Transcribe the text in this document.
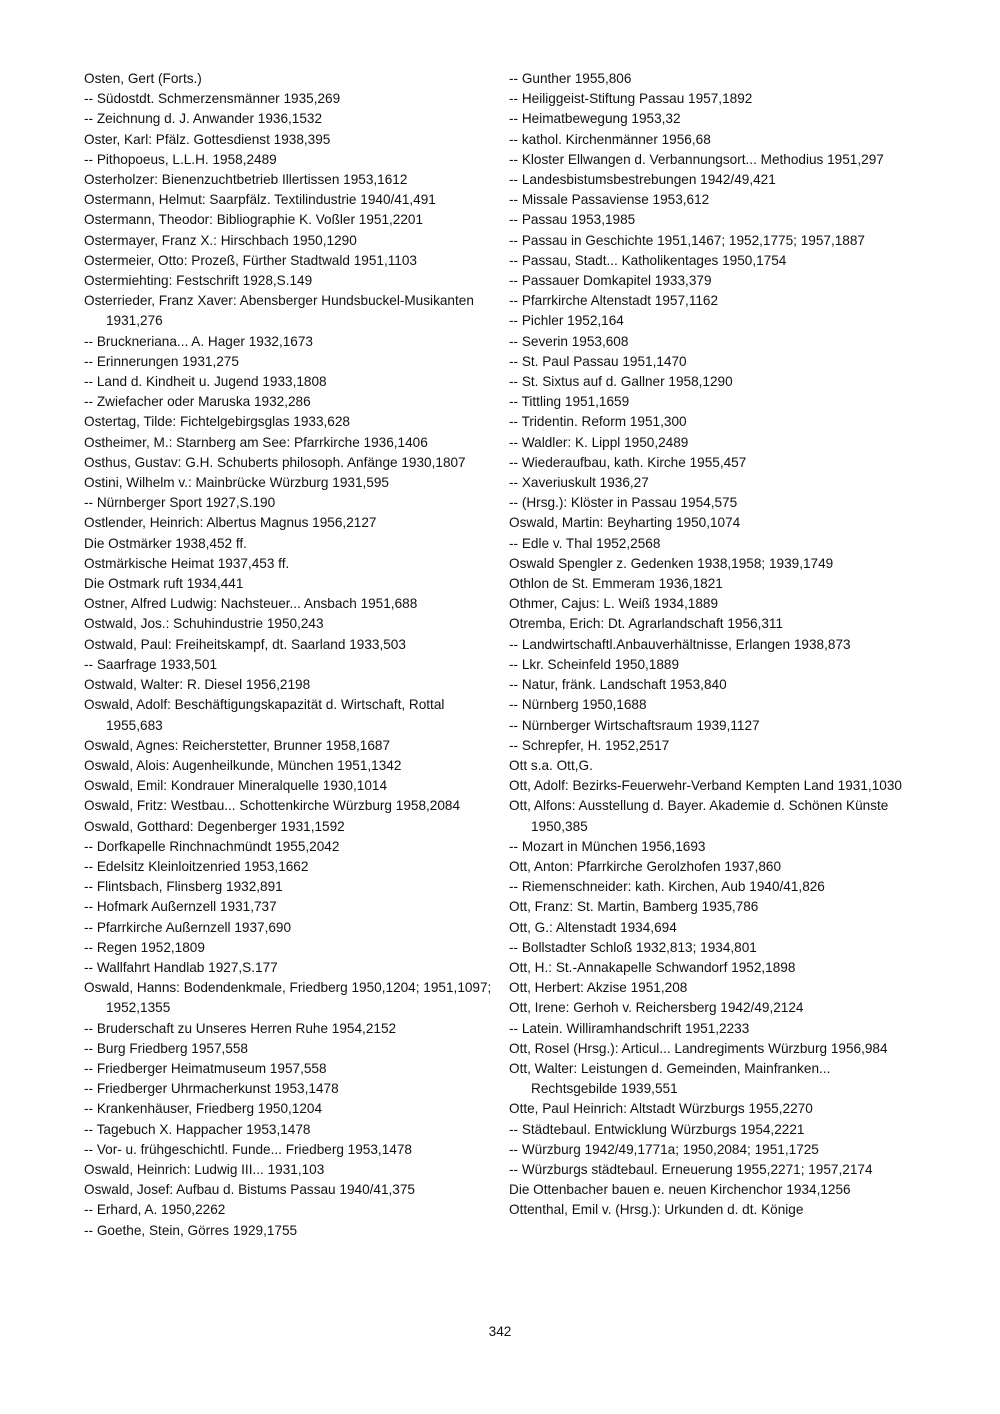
Osten, Gert (Forts.)
-- Südostdt. Schmerzensmänner 1935,269
-- Zeichnung d. J. Anwander 1936,1532
Oster, Karl: Pfälz. Gottesdienst 1938,395
-- Pithopoeus, L.L.H. 1958,2489
Osterholzer: Bienenzuchtbetrieb Illertissen 1953,1612
Ostermann, Helmut: Saarpfälz. Textilindustrie 1940/41,491
Ostermann, Theodor: Bibliographie K. Voßler 1951,2201
Ostermayer, Franz X.: Hirschbach 1950,1290
Ostermeier, Otto: Prozeß, Fürther Stadtwald 1951,1103
Ostermiehting: Festschrift 1928,S.149
Osterrieder, Franz Xaver: Abensberger Hundsbuckel-Musikanten 1931,276
-- Bruckneriana... A. Hager 1932,1673
-- Erinnerungen 1931,275
-- Land d. Kindheit u. Jugend 1933,1808
-- Zwiefacher oder Maruska 1932,286
Ostertag, Tilde: Fichtelgebirgsglas 1933,628
Ostheimer, M.: Starnberg am See: Pfarrkirche 1936,1406
Osthus, Gustav: G.H. Schuberts philosoph. Anfänge 1930,1807
Ostini, Wilhelm v.: Mainbrücke Würzburg 1931,595
-- Nürnberger Sport 1927,S.190
Ostlender, Heinrich: Albertus Magnus 1956,2127
Die Ostmärker 1938,452 ff.
Ostmärkische Heimat 1937,453 ff.
Die Ostmark ruft 1934,441
Ostner, Alfred Ludwig: Nachsteuer... Ansbach 1951,688
Ostwald, Jos.: Schuhindustrie 1950,243
Ostwald, Paul: Freiheitskampf, dt. Saarland 1933,503
-- Saarfrage 1933,501
Ostwald, Walter: R. Diesel 1956,2198
Oswald, Adolf: Beschäftigungskapazität d. Wirtschaft, Rottal 1955,683
Oswald, Agnes: Reicherstetter, Brunner 1958,1687
Oswald, Alois: Augenheilkunde, München 1951,1342
Oswald, Emil: Kondrauer Mineralquelle 1930,1014
Oswald, Fritz: Westbau... Schottenkirche Würzburg 1958,2084
Oswald, Gotthard: Degenberger 1931,1592
-- Dorfkapelle Rinchnachmündt 1955,2042
-- Edelsitz Kleinloitzenried 1953,1662
-- Flintsbach, Flinsberg 1932,891
-- Hofmark Außernzell 1931,737
-- Pfarrkirche Außernzell 1937,690
-- Regen 1952,1809
-- Wallfahrt Handlab 1927,S.177
Oswald, Hanns: Bodendenkmale, Friedberg 1950,1204; 1951,1097; 1952,1355
-- Bruderschaft zu Unseres Herren Ruhe 1954,2152
-- Burg Friedberg 1957,558
-- Friedberger Heimatmuseum 1957,558
-- Friedberger Uhrmacherkunst 1953,1478
-- Krankenhäuser, Friedberg 1950,1204
-- Tagebuch X. Happacher 1953,1478
-- Vor- u. frühgeschichtl. Funde... Friedberg 1953,1478
Oswald, Heinrich: Ludwig III... 1931,103
Oswald, Josef: Aufbau d. Bistums Passau 1940/41,375
-- Erhard, A. 1950,2262
-- Goethe, Stein, Görres 1929,1755
-- Gunther 1955,806
-- Heiliggeist-Stiftung Passau 1957,1892
-- Heimatbewegung 1953,32
-- kathol. Kirchenmänner 1956,68
-- Kloster Ellwangen d. Verbannungsort... Methodius 1951,297
-- Landesbistumsbestrebungen 1942/49,421
-- Missale Passaviense 1953,612
-- Passau 1953,1985
-- Passau in Geschichte 1951,1467; 1952,1775; 1957,1887
-- Passau, Stadt... Katholikentages 1950,1754
-- Passauer Domkapitel 1933,379
-- Pfarrkirche Altenstadt 1957,1162
-- Pichler 1952,164
-- Severin 1953,608
-- St. Paul Passau 1951,1470
-- St. Sixtus auf d. Gallner 1958,1290
-- Tittling 1951,1659
-- Tridentin. Reform 1951,300
-- Waldler: K. Lippl 1950,2489
-- Wiederaufbau, kath. Kirche 1955,457
-- Xaveriuskult 1936,27
-- (Hrsg.): Klöster in Passau 1954,575
Oswald, Martin: Beyharting 1950,1074
-- Edle v. Thal 1952,2568
Oswald Spengler z. Gedenken 1938,1958; 1939,1749
Othlon de St. Emmeram 1936,1821
Othmer, Cajus: L. Weiß 1934,1889
Otremba, Erich: Dt. Agrarlandschaft 1956,311
-- Landwirtschaftl.Anbauverhältnisse, Erlangen 1938,873
-- Lkr. Scheinfeld 1950,1889
-- Natur, fränk. Landschaft 1953,840
-- Nürnberg 1950,1688
-- Nürnberger Wirtschaftsraum 1939,1127
-- Schrepfer, H. 1952,2517
Ott s.a. Ott,G.
Ott, Adolf: Bezirks-Feuerwehr-Verband Kempten Land 1931,1030
Ott, Alfons: Ausstellung d. Bayer. Akademie d. Schönen Künste 1950,385
-- Mozart in München 1956,1693
Ott, Anton: Pfarrkirche Gerolzhofen 1937,860
-- Riemenschneider: kath. Kirchen, Aub 1940/41,826
Ott, Franz: St. Martin, Bamberg 1935,786
Ott, G.: Altenstadt 1934,694
-- Bollstadter Schloß 1932,813; 1934,801
Ott, H.: St.-Annakapelle Schwandorf 1952,1898
Ott, Herbert: Akzise 1951,208
Ott, Irene: Gerhoh v. Reichersberg 1942/49,2124
-- Latein. Williramhandschrift 1951,2233
Ott, Rosel (Hrsg.): Articul... Landregiments Würzburg 1956,984
Ott, Walter: Leistungen d. Gemeinden, Mainfranken... Rechtsgebilde 1939,551
Otte, Paul Heinrich: Altstadt Würzburgs 1955,2270
-- Städtebaul. Entwicklung Würzburgs 1954,2221
-- Würzburg 1942/49,1771a; 1950,2084; 1951,1725
-- Würzburgs städtebaul. Erneuerung 1955,2271; 1957,2174
Die Ottenbacher bauen e. neuen Kirchenchor 1934,1256
Ottenthal, Emil v. (Hrsg.): Urkunden d. dt. Könige
342
